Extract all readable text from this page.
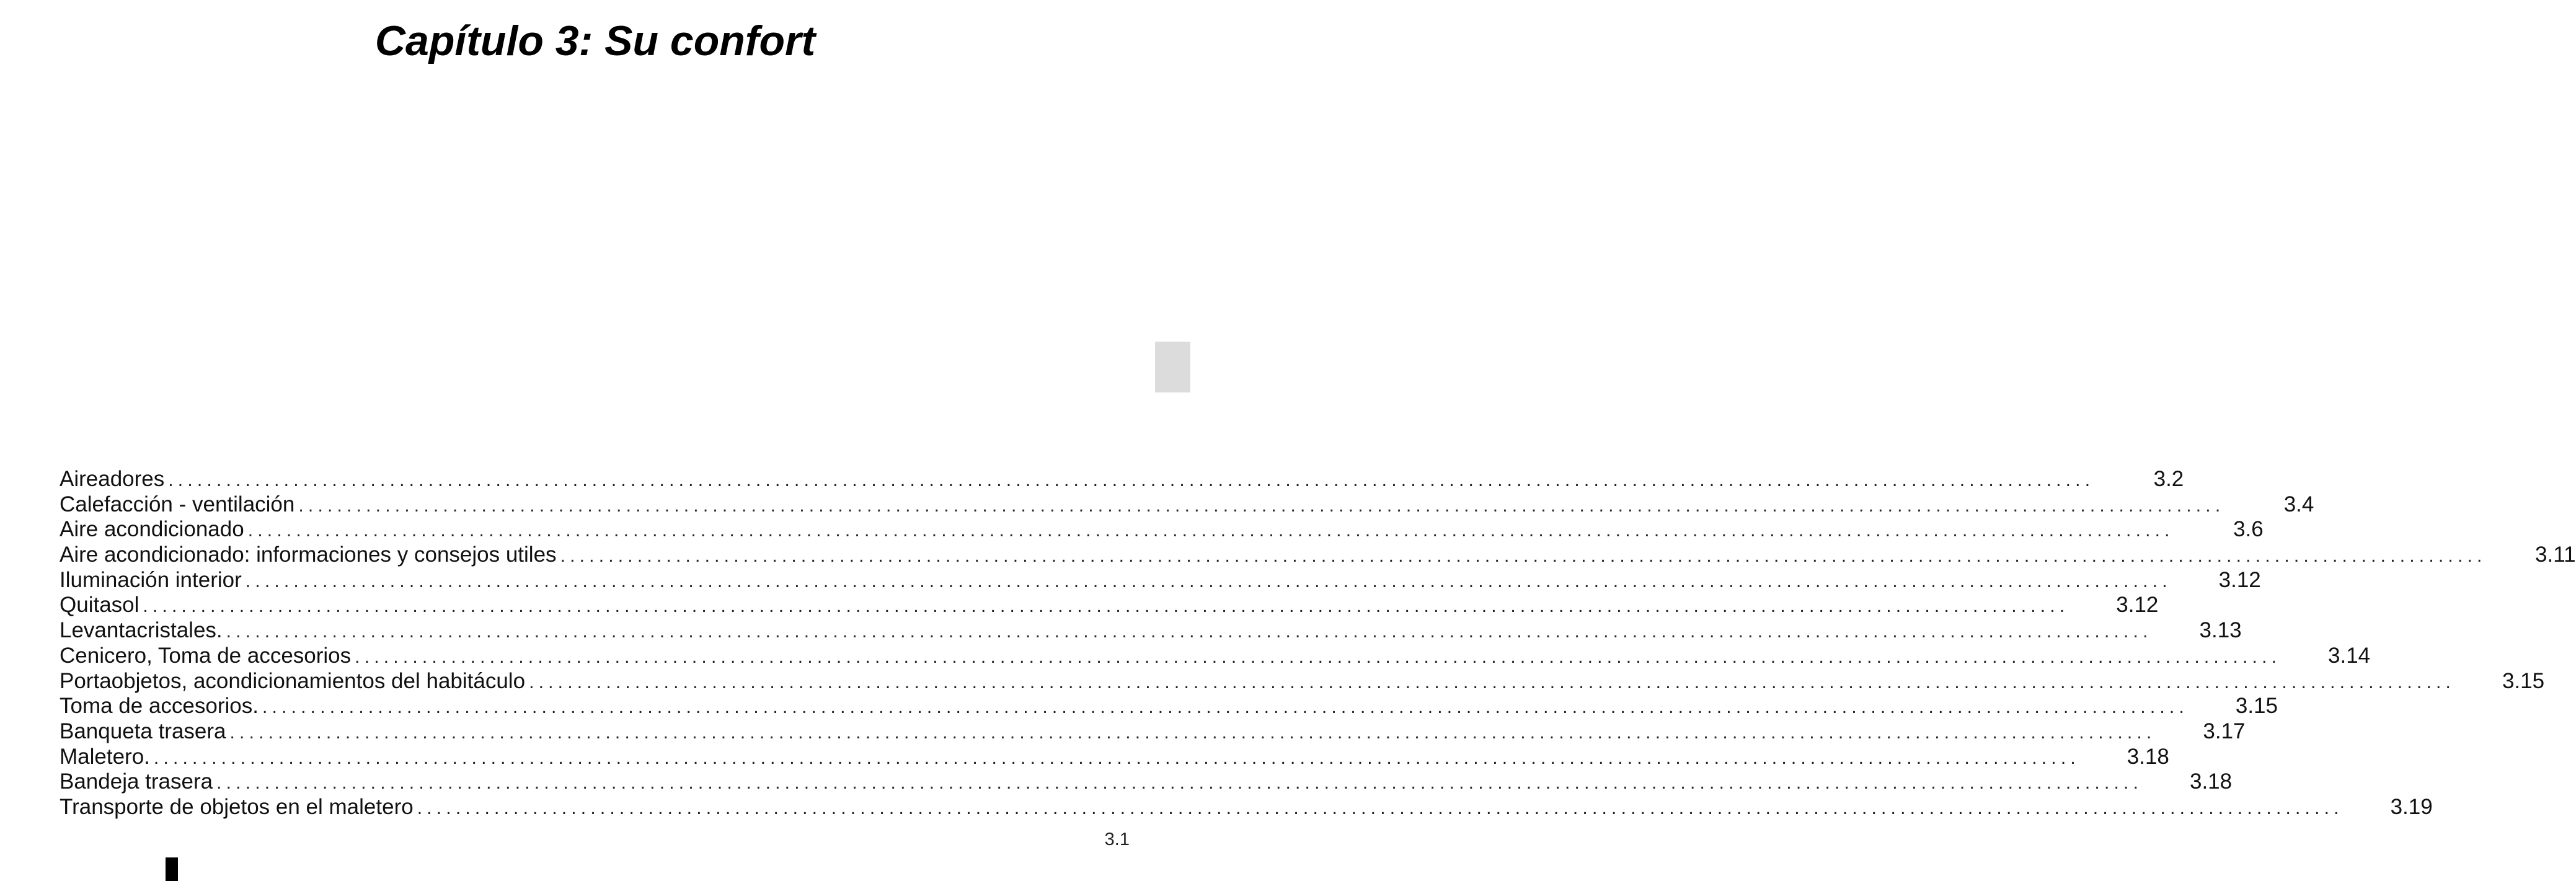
Capítulo 3: Su confort
Aireadores ........................................................................................................................................................................................................	3.2
Calefacción - ventilación ........................................................................................................................................................................................................	3.4
Aire acondicionado ........................................................................................................................................................................................................	3.6
Aire acondicionado: informaciones y consejos utiles ........................................................................................................................................................................................................	3.11
Iluminación interior ........................................................................................................................................................................................................	3.12
Quitasol ........................................................................................................................................................................................................	3.12
Levantacristales. ........................................................................................................................................................................................................	3.13
Cenicero, Toma de accesorios ........................................................................................................................................................................................................	3.14
Portaobjetos, acondicionamientos del habitáculo ........................................................................................................................................................................................................	3.15
Toma de accesorios. ........................................................................................................................................................................................................	3.15
Banqueta trasera ........................................................................................................................................................................................................	3.17
Maletero. ........................................................................................................................................................................................................	3.18
Bandeja trasera ........................................................................................................................................................................................................	3.18
Transporte de objetos en el maletero ........................................................................................................................................................................................................	3.19
3.1
